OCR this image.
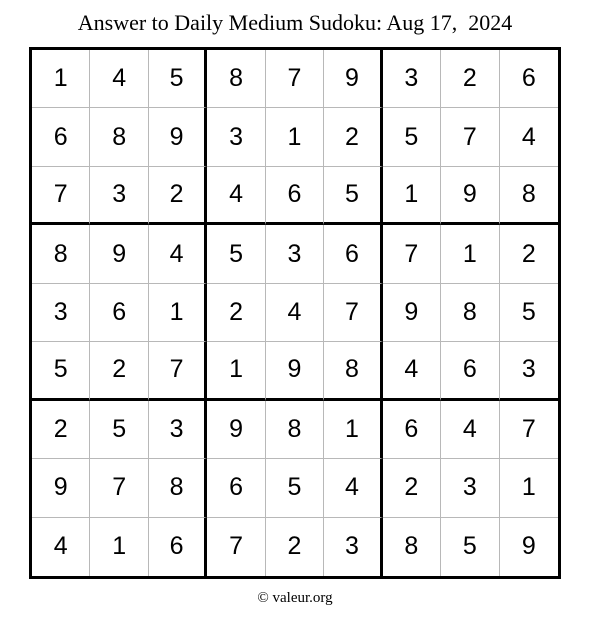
Answer to Daily Medium Sudoku: Aug 17,  2024
1	4	5	8	7	9	3	2	6
6	8	9	3	1	2	5	7	4
7	3	2	4	6	5	1	9	8
8	9	4	5	3	6	7	1	2
3	6	1	2	4	7	9	8	5
5	2	7	1	9	8	4	6	3
2	5	3	9	8	1	6	4	7
9	7	8	6	5	4	2	3	1
4	1	6	7	2	3	8	5	9
© valeur.org
